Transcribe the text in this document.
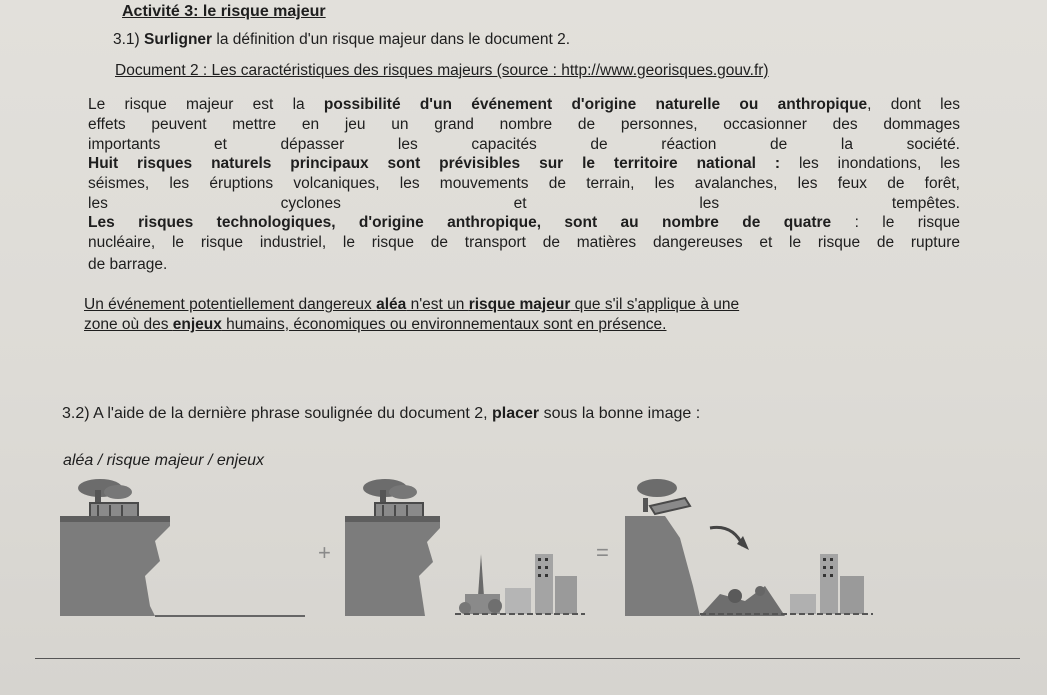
Activité 3: le risque majeur
3.1) Surligner la définition d'un risque majeur dans le document 2.
Document 2 : Les caractéristiques des risques majeurs (source : http://www.georisques.gouv.fr)
Le risque majeur est la possibilité d'un événement d'origine naturelle ou anthropique, dont les
effets peuvent mettre en jeu un grand nombre de personnes, occasionner des dommages
importants et dépasser les capacités de réaction de la société.
Huit risques naturels principaux sont prévisibles sur le territoire national : les inondations, les
séismes, les éruptions volcaniques, les mouvements de terrain, les avalanches, les feux de forêt,
les cyclones et les tempêtes.
Les risques technologiques, d'origine anthropique, sont au nombre de quatre : le risque
nucléaire, le risque industriel, le risque de transport de matières dangereuses et le risque de rupture
de barrage.
Un événement potentiellement dangereux aléa n'est un risque majeur que s'il s'applique à une
zone où des enjeux humains, économiques ou environnementaux sont en présence.
3.2) A l'aide de la dernière phrase soulignée du document 2, placer sous la bonne image :
aléa / risque majeur / enjeux
+	=
